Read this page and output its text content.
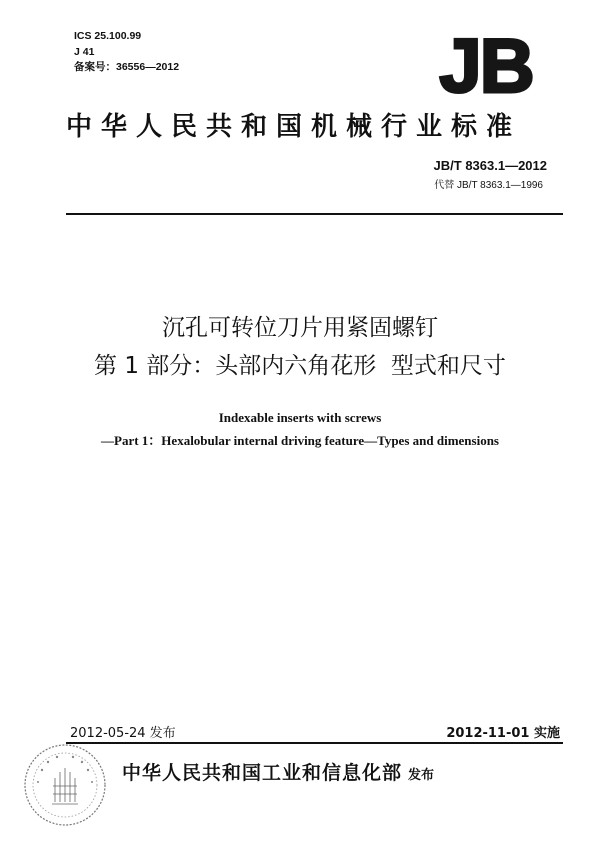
ICS 25.100.99
J 41
备案号：36556—2012	JB
中华人民共和国机械行业标准
JB/T 8363.1—2012
代替 JB/T 8363.1—1996
沉孔可转位刀片用紧固螺钉
第 1 部分：头部内六角花形  型式和尺寸
Indexable inserts with screws
—Part 1：Hexalobular internal driving feature—Types and dimensions
2012-05-24 发布	2012-11-01 实施
中华人民共和国工业和信息化部 发布
